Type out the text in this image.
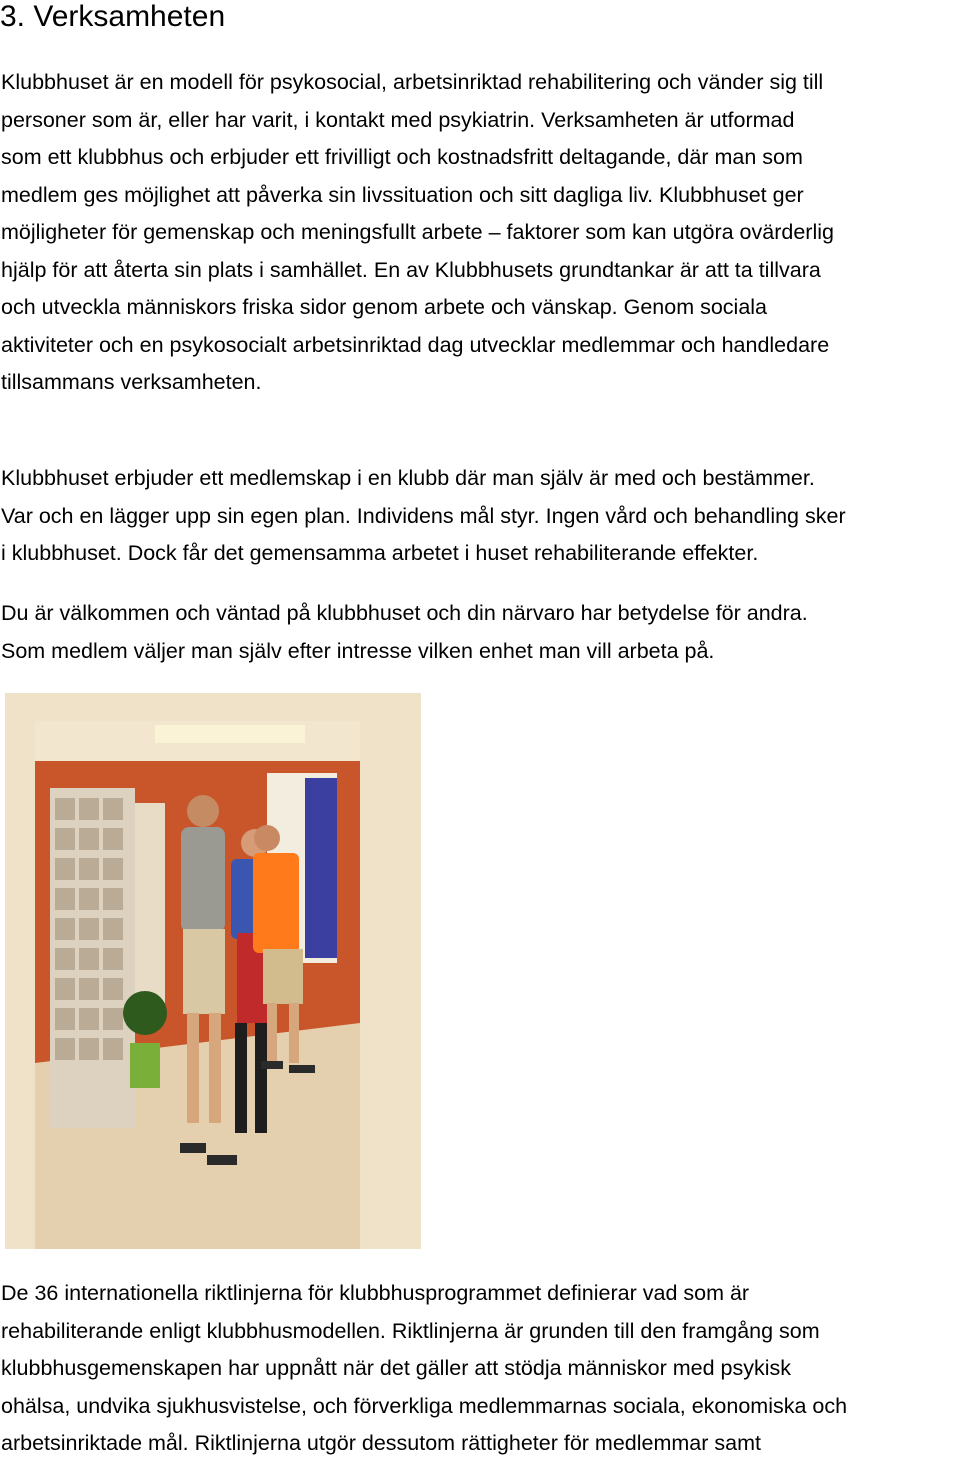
3. Verksamheten
Klubbhuset är en modell för psykosocial, arbetsinriktad rehabilitering och vänder sig till
personer som är, eller har varit, i kontakt med psykiatrin. Verksamheten är utformad
som ett klubbhus och erbjuder ett frivilligt och kostnadsfritt deltagande, där man som
medlem ges möjlighet att påverka sin livssituation och sitt dagliga liv. Klubbhuset ger
möjligheter för gemenskap och meningsfullt arbete – faktorer som kan utgöra ovärderlig
hjälp för att återta sin plats i samhället. En av Klubbhusets grundtankar är att ta tillvara
och utveckla människors friska sidor genom arbete och vänskap. Genom sociala
aktiviteter och en psykosocialt arbetsinriktad dag utvecklar medlemmar och handledare
tillsammans verksamheten.
Klubbhuset erbjuder ett medlemskap i en klubb där man själv är med och bestämmer.
Var och en lägger upp sin egen plan. Individens mål styr. Ingen vård och behandling sker
i klubbhuset. Dock får det gemensamma arbetet i huset rehabiliterande effekter.
Du är välkommen och väntad på klubbhuset och din närvaro har betydelse för andra.
Som medlem väljer man själv efter intresse vilken enhet man vill arbeta på.
De 36 internationella riktlinjerna för klubbhusprogrammet definierar vad som är
rehabiliterande enligt klubbhusmodellen. Riktlinjerna är grunden till den framgång som
klubbhusgemenskapen har uppnått när det gäller att stödja människor med psykisk
ohälsa, undvika sjukhusvistelse, och förverkliga medlemmarnas sociala, ekonomiska och
arbetsinriktade mål. Riktlinjerna utgör dessutom rättigheter för medlemmar samt
